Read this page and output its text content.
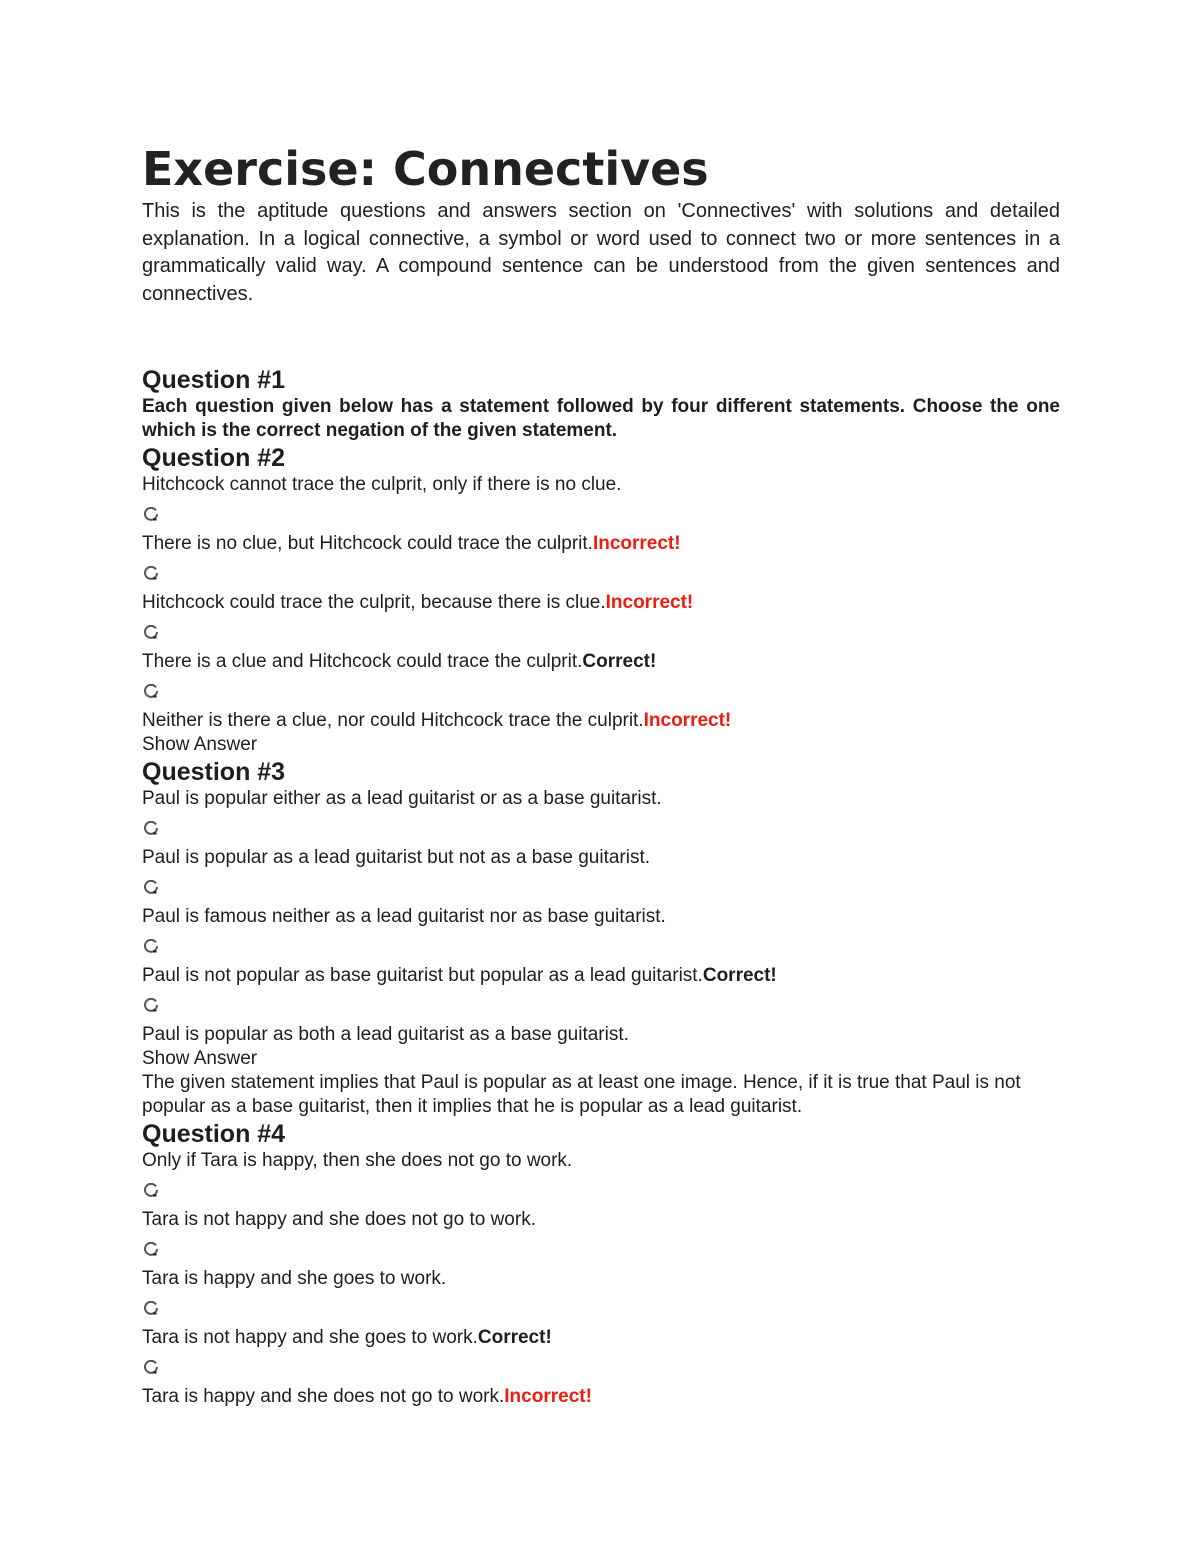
Exercise: Connectives

This is the aptitude questions and answers section on 'Connectives' with solutions and detailed explanation. In a logical connective, a symbol or word used to connect two or more sentences in a grammatically valid way. A compound sentence can be understood from the given sentences and connectives.

Question #1

Each question given below has a statement followed by four different statements. Choose the one which is the correct negation of the given statement.

Question #2

Hitchcock cannot trace the culprit, only if there is no clue.

There is no clue, but Hitchcock could trace the culprit.Incorrect!

Hitchcock could trace the culprit, because there is clue.Incorrect!

There is a clue and Hitchcock could trace the culprit.Correct!

Neither is there a clue, nor could Hitchcock trace the culprit.Incorrect!

Show Answer

Question #3

Paul is popular either as a lead guitarist or as a base guitarist.

Paul is popular as a lead guitarist but not as a base guitarist.

Paul is famous neither as a lead guitarist nor as base guitarist.

Paul is not popular as base guitarist but popular as a lead guitarist.Correct!

Paul is popular as both a lead guitarist as a base guitarist.

Show Answer

The given statement implies that Paul is popular as at least one image. Hence, if it is true that Paul is not popular as a base guitarist, then it implies that he is popular as a lead guitarist.

Question #4

Only if Tara is happy, then she does not go to work.

Tara is not happy and she does not go to work.

Tara is happy and she goes to work.

Tara is not happy and she goes to work.Correct!

Tara is happy and she does not go to work.Incorrect!
